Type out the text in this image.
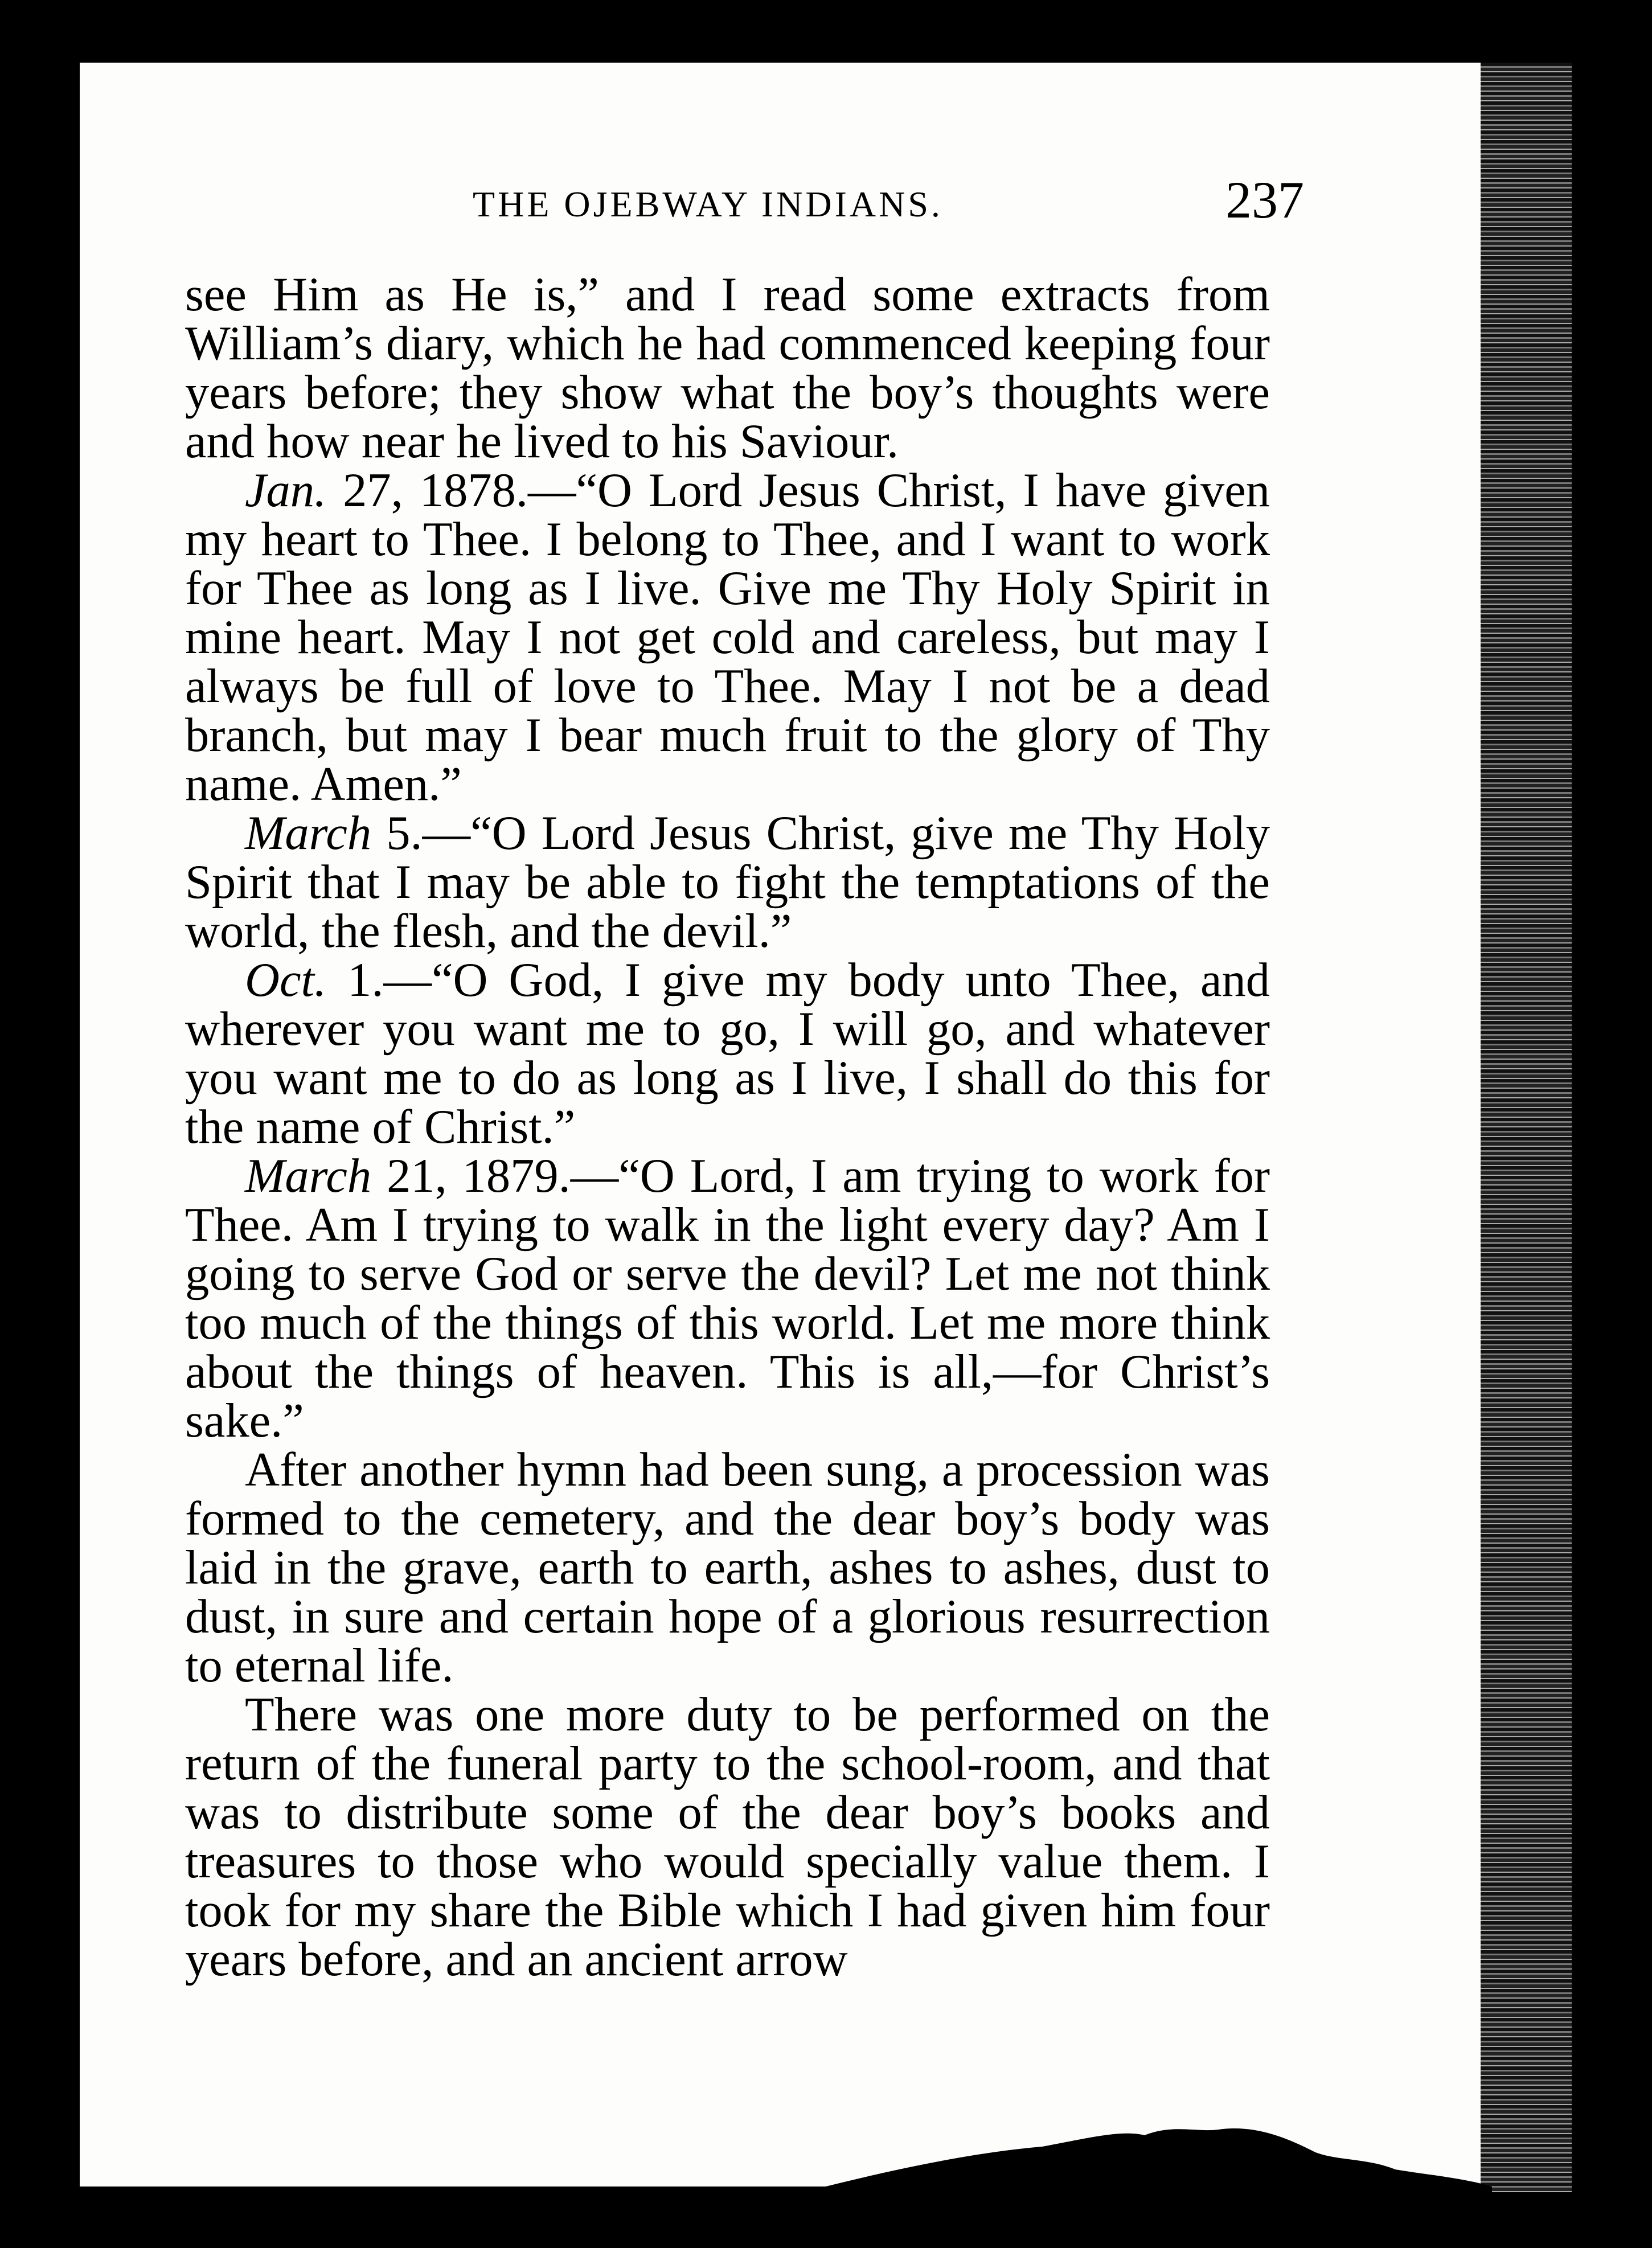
THE OJEBWAY INDIANS.	237

see Him as He is,” and I read some extracts from William’s diary, which he had commenced keeping four years before; they show what the boy’s thoughts were and how near he lived to his Saviour.

Jan. 27, 1878.—“O Lord Jesus Christ, I have given my heart to Thee. I belong to Thee, and I want to work for Thee as long as I live. Give me Thy Holy Spirit in mine heart. May I not get cold and careless, but may I always be full of love to Thee. May I not be a dead branch, but may I bear much fruit to the glory of Thy name. Amen.”

March 5.—“O Lord Jesus Christ, give me Thy Holy Spirit that I may be able to fight the temptations of the world, the flesh, and the devil.”

Oct. 1.—“O God, I give my body unto Thee, and wherever you want me to go, I will go, and whatever you want me to do as long as I live, I shall do this for the name of Christ.”

March 21, 1879.—“O Lord, I am trying to work for Thee. Am I trying to walk in the light every day? Am I going to serve God or serve the devil? Let me not think too much of the things of this world. Let me more think about the things of heaven. This is all,—for Christ’s sake.”

After another hymn had been sung, a procession was formed to the cemetery, and the dear boy’s body was laid in the grave, earth to earth, ashes to ashes, dust to dust, in sure and certain hope of a glorious resurrection to eternal life.

There was one more duty to be performed on the return of the funeral party to the school-room, and that was to distribute some of the dear boy’s books and treasures to those who would specially value them. I took for my share the Bible which I had given him four years before, and an ancient arrow
